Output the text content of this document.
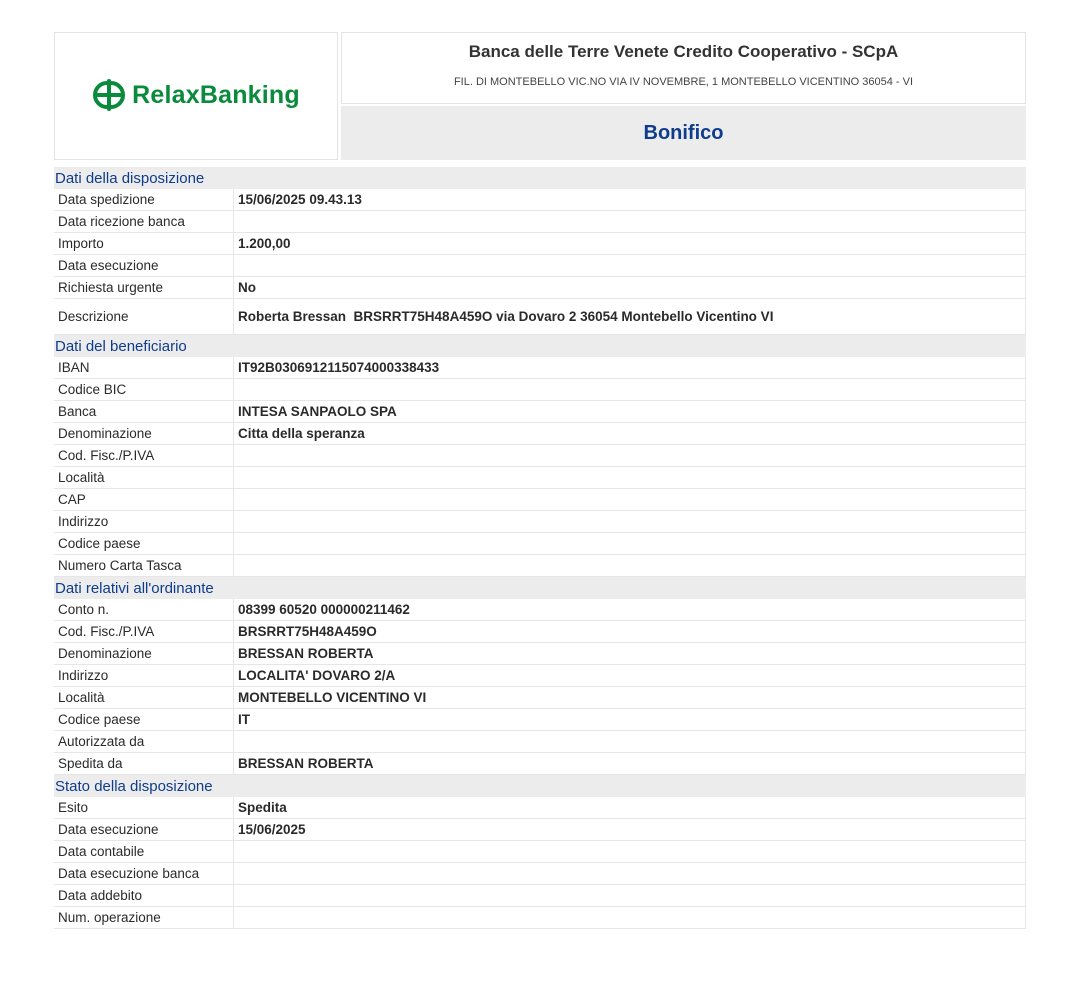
RelaxBanking
Banca delle Terre Venete Credito Cooperativo - SCpA
FIL. DI MONTEBELLO VIC.NO VIA IV NOVEMBRE, 1 MONTEBELLO VICENTINO 36054 - VI
Bonifico
Dati della disposizione
Data spedizione	15/06/2025 09.43.13
Data ricezione banca
Importo	1.200,00
Data esecuzione
Richiesta urgente	No
Descrizione	Roberta Bressan  BRSRRT75H48A459O via Dovaro 2 36054 Montebello Vicentino VI
Dati del beneficiario
IBAN	IT92B0306912115074000338433
Codice BIC
Banca	INTESA SANPAOLO SPA
Denominazione	Citta della speranza
Cod. Fisc./P.IVA
Località
CAP
Indirizzo
Codice paese
Numero Carta Tasca
Dati relativi all'ordinante
Conto n.	08399 60520 000000211462
Cod. Fisc./P.IVA	BRSRRT75H48A459O
Denominazione	BRESSAN ROBERTA
Indirizzo	LOCALITA' DOVARO 2/A
Località	MONTEBELLO VICENTINO VI
Codice paese	IT
Autorizzata da
Spedita da	BRESSAN ROBERTA
Stato della disposizione
Esito	Spedita
Data esecuzione	15/06/2025
Data contabile
Data esecuzione banca
Data addebito
Num. operazione
